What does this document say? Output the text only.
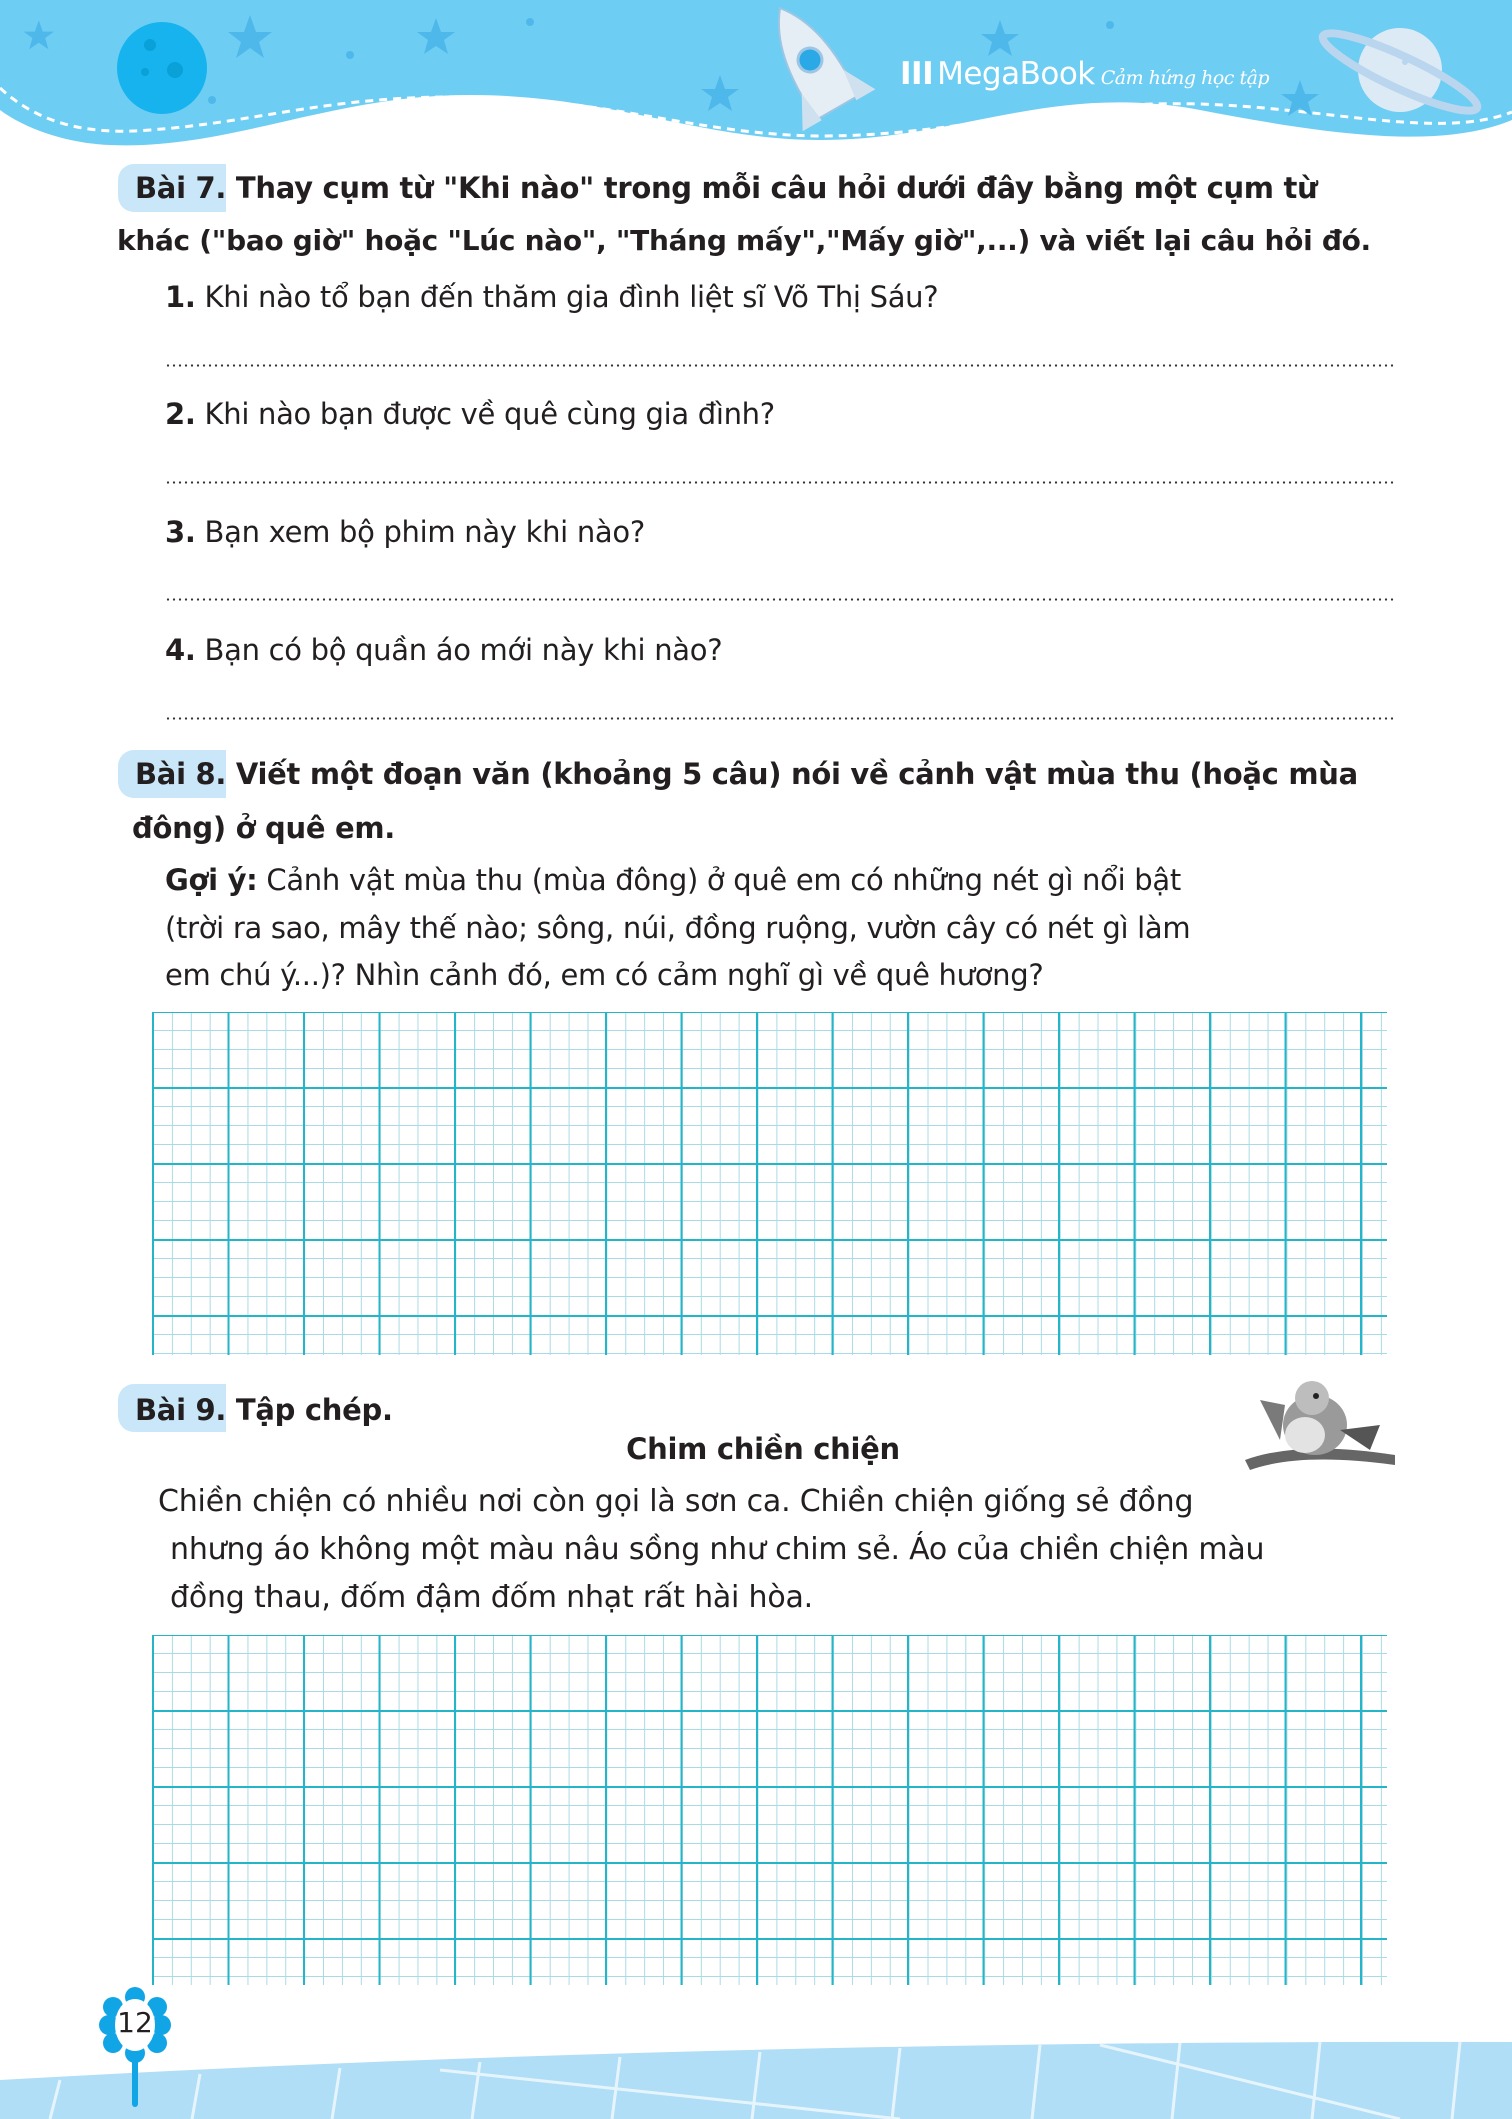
III MegaBook Cảm hứng học tập
Bài 7. Thay cụm từ "Khi nào" trong mỗi câu hỏi dưới đây bằng một cụm từ
khác ("bao giờ" hoặc "Lúc nào", "Tháng mấy","Mấy giờ",...) và viết lại câu hỏi đó.
1. Khi nào tổ bạn đến thăm gia đình liệt sĩ Võ Thị Sáu?
2. Khi nào bạn được về quê cùng gia đình?
3. Bạn xem bộ phim này khi nào?
4. Bạn có bộ quần áo mới này khi nào?
Bài 8. Viết một đoạn văn (khoảng 5 câu) nói về cảnh vật mùa thu (hoặc mùa
đông) ở quê em.
Gợi ý: Cảnh vật mùa thu (mùa đông) ở quê em có những nét gì nổi bật
(trời ra sao, mây thế nào; sông, núi, đồng ruộng, vườn cây có nét gì làm
em chú ý...)? Nhìn cảnh đó, em có cảm nghĩ gì về quê hương?
Bài 9. Tập chép.
Chim chiền chiện
Chiền chiện có nhiều nơi còn gọi là sơn ca. Chiền chiện giống sẻ đồng
nhưng áo không một màu nâu sồng như chim sẻ. Áo của chiền chiện màu
đồng thau, đốm đậm đốm nhạt rất hài hòa.
12
